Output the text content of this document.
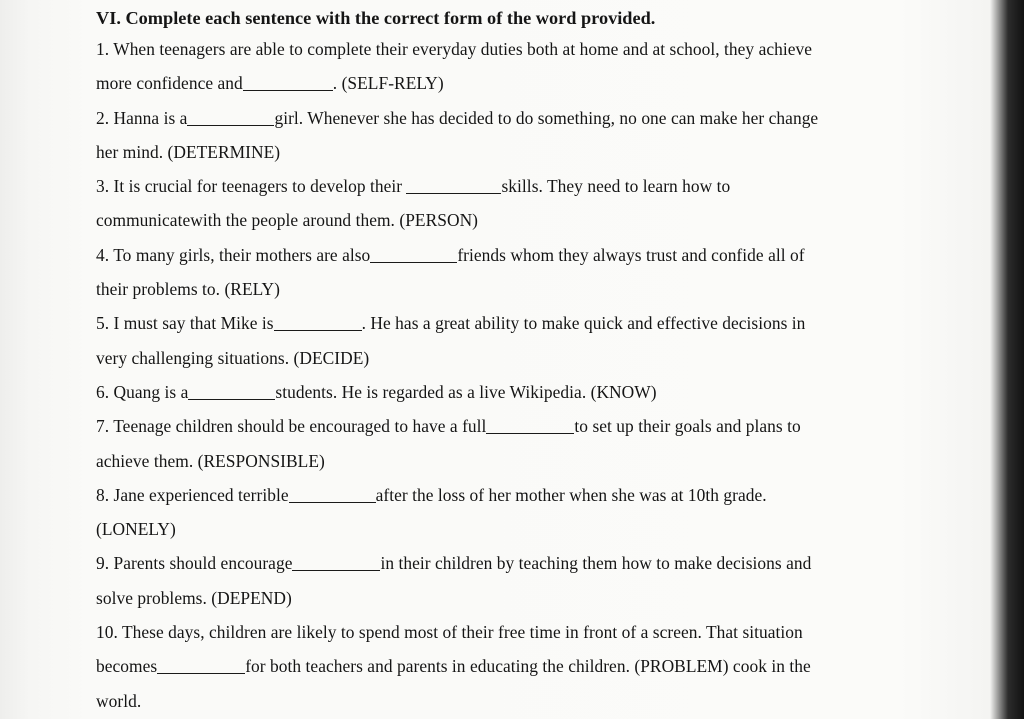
VI. Complete each sentence with the correct form of the word provided.
1. When teenagers are able to complete their everyday duties both at home and at school, they achieve
more confidence and	. (SELF-RELY)
2. Hanna is a	girl. Whenever she has decided to do something, no one can make her change
her mind. (DETERMINE)
3. It is crucial for teenagers to develop their	skills. They need to learn how to
communicatewith the people around them. (PERSON)
4. To many girls, their mothers are also	friends whom they always trust and confide all of
their problems to. (RELY)
5. I must say that Mike is	. He has a great ability to make quick and effective decisions in
very challenging situations. (DECIDE)
6. Quang is a	students. He is regarded as a live Wikipedia. (KNOW)
7. Teenage children should be encouraged to have a full	to set up their goals and plans to
achieve them. (RESPONSIBLE)
8. Jane experienced terrible	after the loss of her mother when she was at 10th grade.
(LONELY)
9. Parents should encourage	in their children by teaching them how to make decisions and
solve problems. (DEPEND)
10. These days, children are likely to spend most of their free time in front of a screen. That situation
becomes	for both teachers and parents in educating the children. (PROBLEM) cook in the
world.
